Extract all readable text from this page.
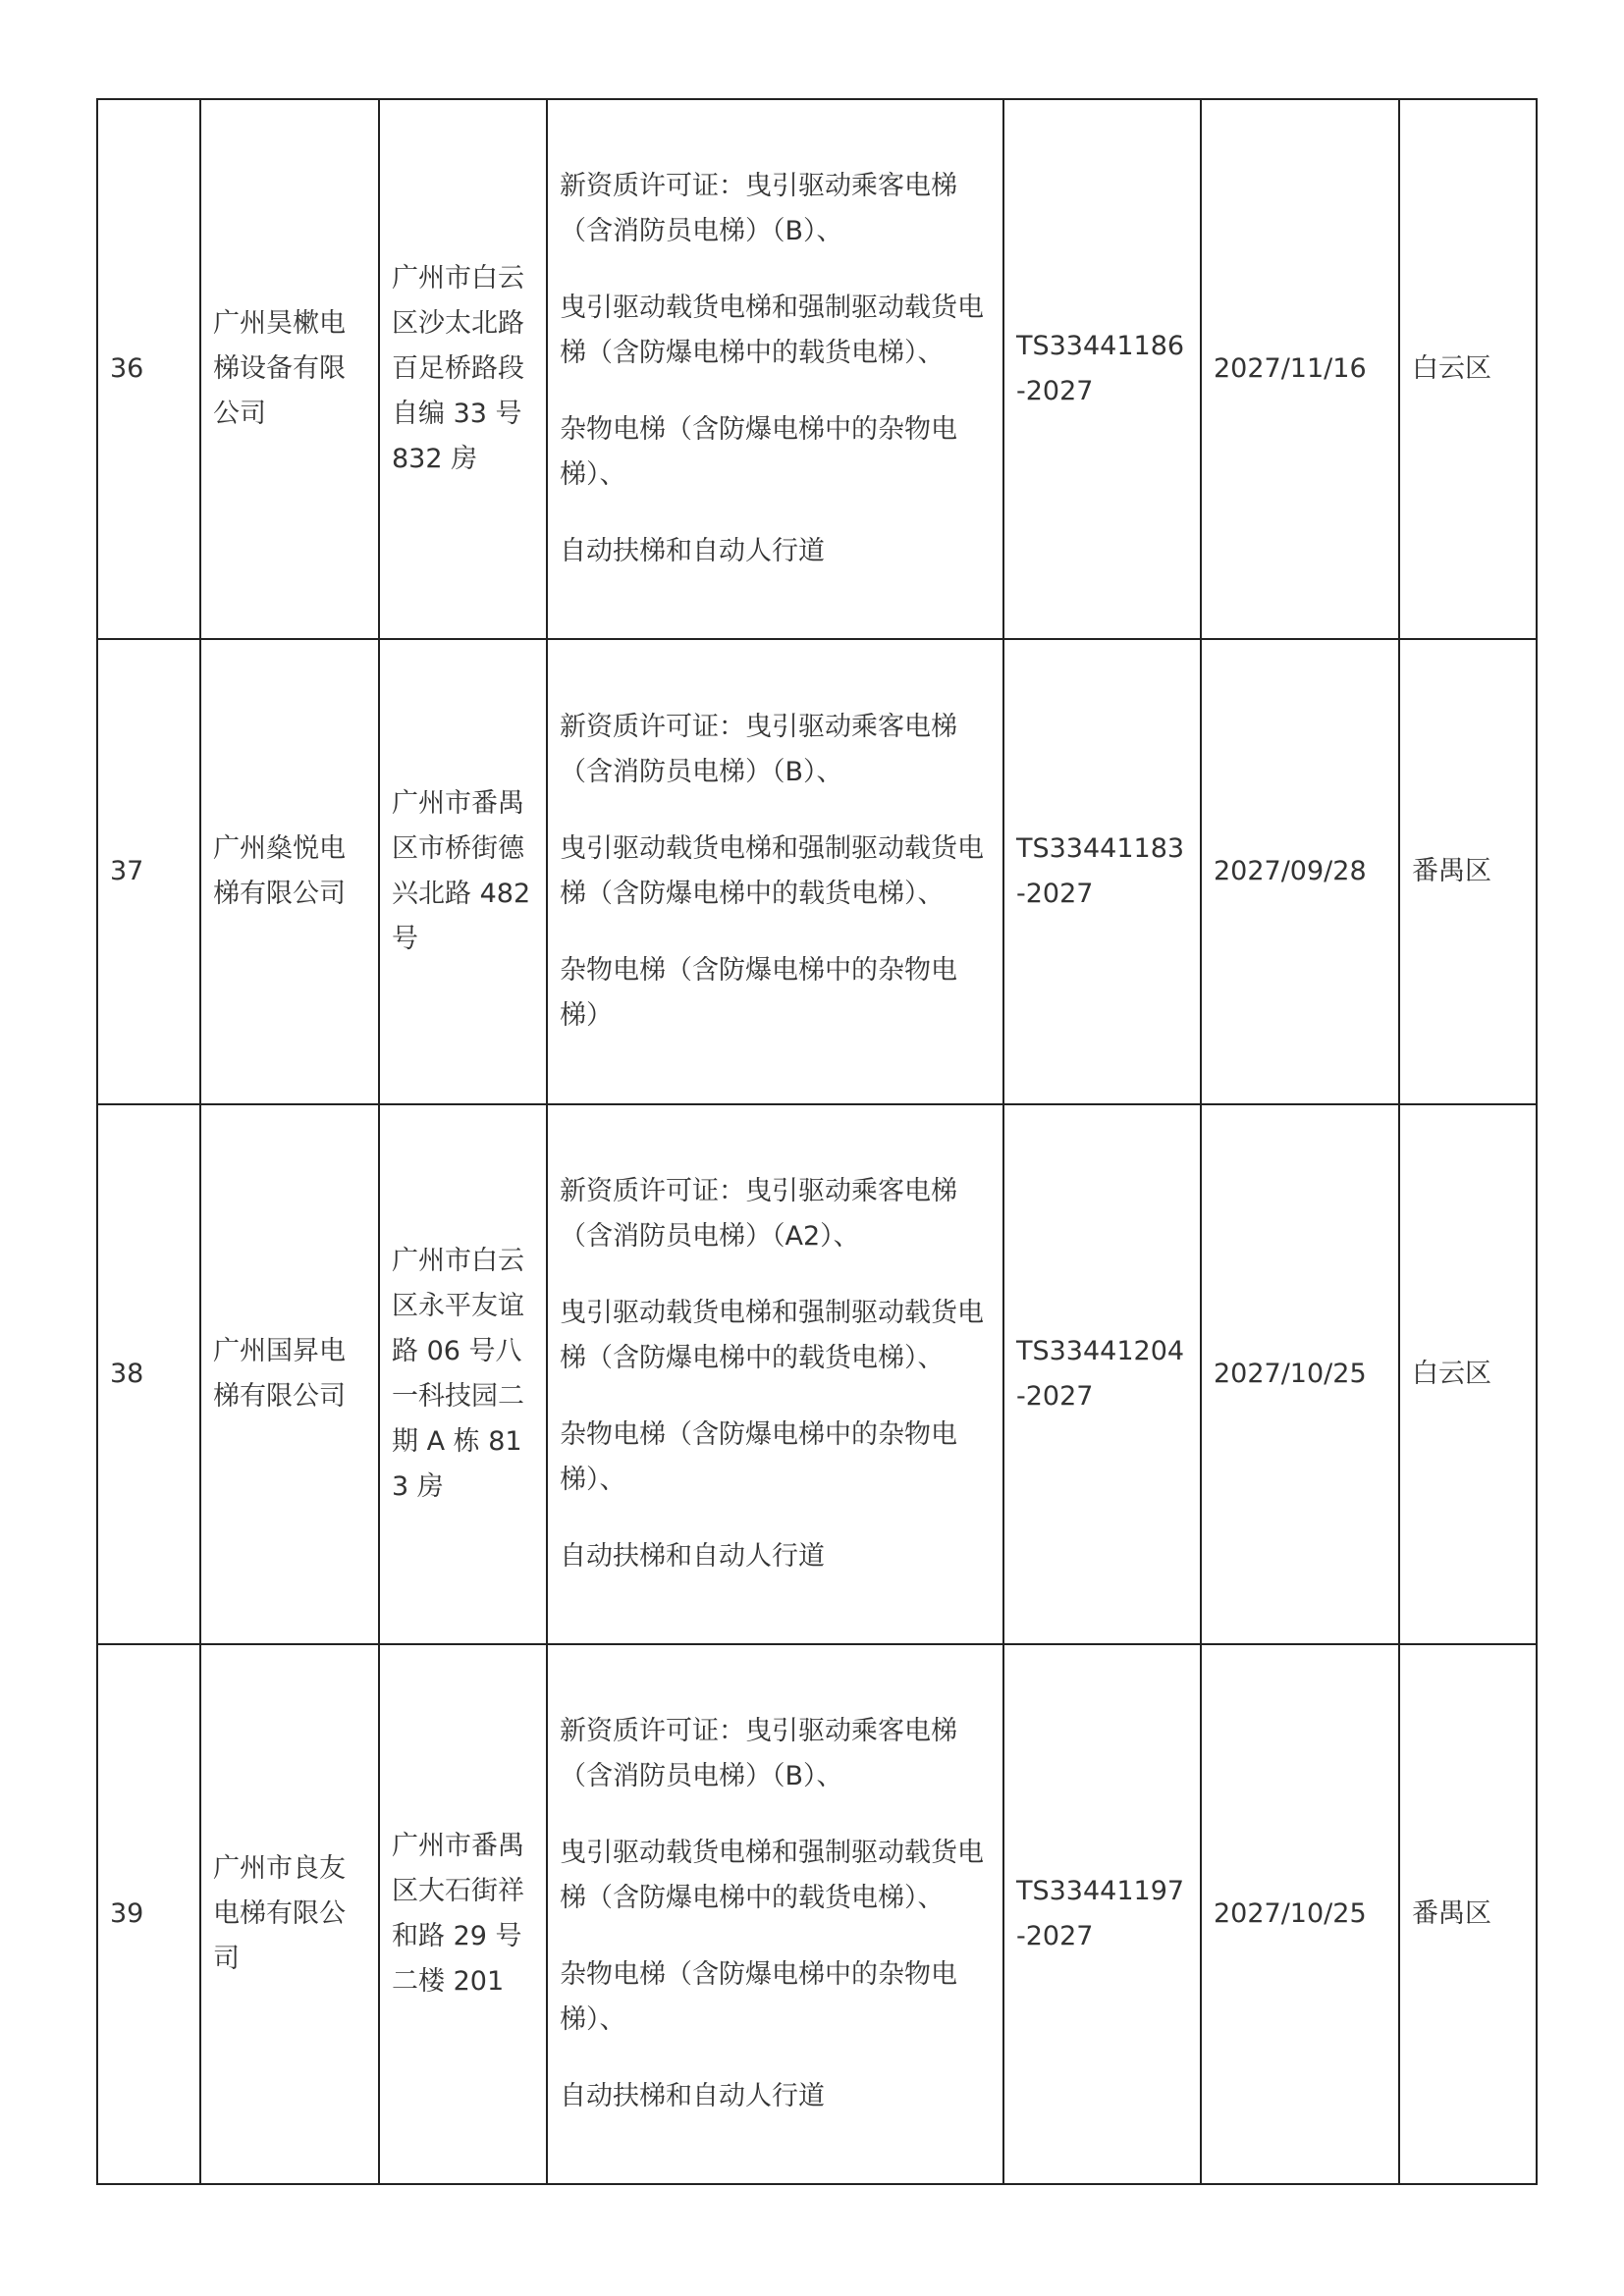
36	广州昊樕电梯设备有限公司	广州市白云区沙太北路百足桥路段自编 33 号 832 房	新资质许可证：曳引驱动乘客电梯（含消防员电梯）（B）、

曳引驱动载货电梯和强制驱动载货电梯（含防爆电梯中的载货电梯）、

杂物电梯（含防爆电梯中的杂物电梯）、

自动扶梯和自动人行道	TS33441186-2027	2027/11/16	白云区
37	广州燊悦电梯有限公司	广州市番禺区市桥街德兴北路 482 号	新资质许可证：曳引驱动乘客电梯（含消防员电梯）（B）、

曳引驱动载货电梯和强制驱动载货电梯（含防爆电梯中的载货电梯）、

杂物电梯（含防爆电梯中的杂物电梯）	TS33441183-2027	2027/09/28	番禺区
38	广州国昇电梯有限公司	广州市白云区永平友谊路 06 号八一科技园二期 A 栋 813 房	新资质许可证：曳引驱动乘客电梯（含消防员电梯）（A2）、

曳引驱动载货电梯和强制驱动载货电梯（含防爆电梯中的载货电梯）、

杂物电梯（含防爆电梯中的杂物电梯）、

自动扶梯和自动人行道	TS33441204-2027	2027/10/25	白云区
39	广州市良友电梯有限公司	广州市番禺区大石街祥和路 29 号二楼 201	新资质许可证：曳引驱动乘客电梯（含消防员电梯）（B）、

曳引驱动载货电梯和强制驱动载货电梯（含防爆电梯中的载货电梯）、

杂物电梯（含防爆电梯中的杂物电梯）、

自动扶梯和自动人行道	TS33441197-2027	2027/10/25	番禺区
